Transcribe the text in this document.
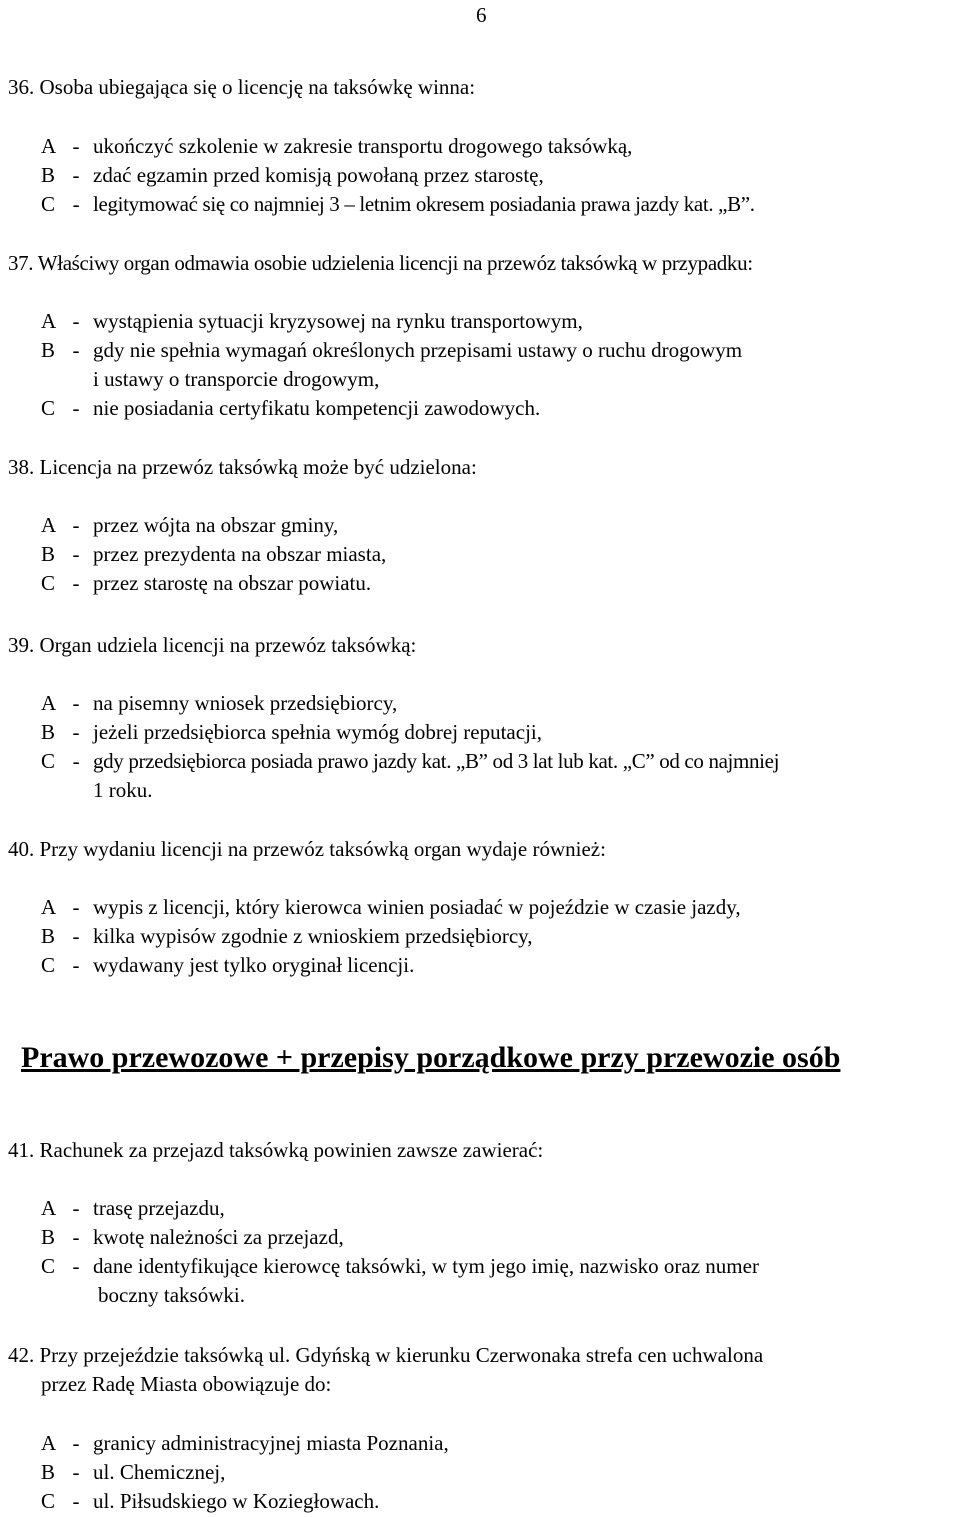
6
36. Osoba ubiegająca się o licencję na taksówkę winna:
A - ukończyć szkolenie w zakresie transportu drogowego taksówką,
B - zdać egzamin przed komisją powołaną przez starostę,
C - legitymować się co najmniej 3 – letnim okresem posiadania prawa jazdy kat. „B”.
37. Właściwy organ odmawia osobie udzielenia licencji na przewóz taksówką w przypadku:
A - wystąpienia sytuacji kryzysowej na rynku transportowym,
B - gdy nie spełnia wymagań określonych przepisami ustawy o ruchu drogowym
i ustawy o transporcie drogowym,
C - nie posiadania certyfikatu kompetencji zawodowych.
38. Licencja na przewóz taksówką może być udzielona:
A - przez wójta na obszar gminy,
B - przez prezydenta na obszar miasta,
C - przez starostę na obszar powiatu.
39. Organ udziela licencji na przewóz taksówką:
A - na pisemny wniosek przedsiębiorcy,
B - jeżeli przedsiębiorca spełnia wymóg dobrej reputacji,
C - gdy przedsiębiorca posiada prawo jazdy kat. „B” od 3 lat lub kat. „C” od co najmniej
1 roku.
40. Przy wydaniu licencji na przewóz taksówką organ wydaje również:
A - wypis z licencji, który kierowca winien posiadać w pojeździe w czasie jazdy,
B - kilka wypisów zgodnie z wnioskiem przedsiębiorcy,
C - wydawany jest tylko oryginał licencji.
Prawo przewozowe + przepisy porządkowe przy przewozie osób
41. Rachunek za przejazd taksówką powinien zawsze zawierać:
A - trasę przejazdu,
B - kwotę należności za przejazd,
C - dane identyfikujące kierowcę taksówki, w tym jego imię, nazwisko oraz numer
boczny taksówki.
42. Przy przejeździe taksówką ul. Gdyńską w kierunku Czerwonaka strefa cen uchwalona
przez Radę Miasta obowiązuje do:
A - granicy administracyjnej miasta Poznania,
B - ul. Chemicznej,
C - ul. Piłsudskiego w Koziegłowach.
